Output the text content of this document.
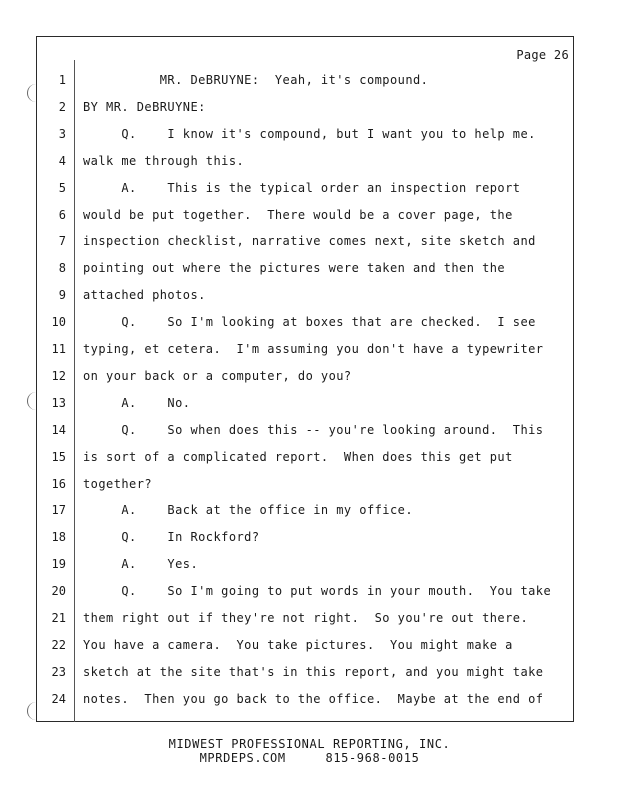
Page 26
1 MR. DeBRUYNE:  Yeah, it's compound.
2 BY MR. DeBRUYNE:
3 Q.    I know it's compound, but I want you to help me.
4 walk me through this.
5 A.    This is the typical order an inspection report
6 would be put together.  There would be a cover page, the
7 inspection checklist, narrative comes next, site sketch and
8 pointing out where the pictures were taken and then the
9 attached photos.
10 Q.    So I'm looking at boxes that are checked.  I see
11 typing, et cetera.  I'm assuming you don't have a typewriter
12 on your back or a computer, do you?
13 A.    No.
14 Q.    So when does this -- you're looking around.  This
15 is sort of a complicated report.  When does this get put
16 together?
17 A.    Back at the office in my office.
18 Q.    In Rockford?
19 A.    Yes.
20 Q.    So I'm going to put words in your mouth.  You take
21 them right out if they're not right.  So you're out there.
22 You have a camera.  You take pictures.  You might make a
23 sketch at the site that's in this report, and you might take
24 notes.  Then you go back to the office.  Maybe at the end of
MIDWEST PROFESSIONAL REPORTING, INC.
MPRDEPS.COM	815-968-0015
